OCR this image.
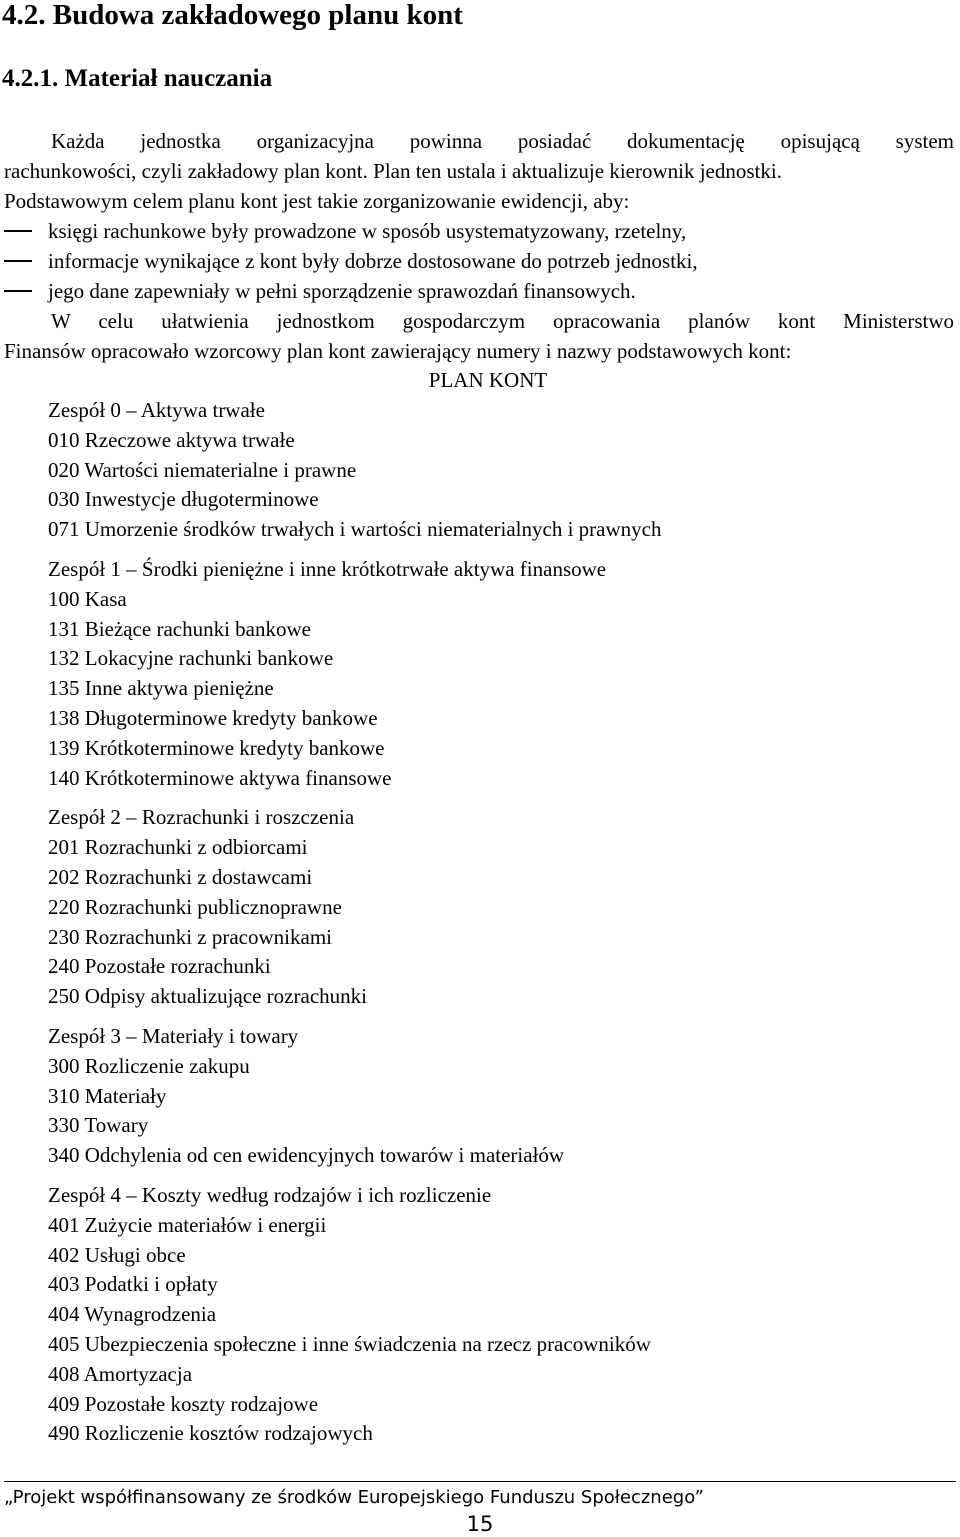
4.2. Budowa zakładowego planu kont
4.2.1. Materiał nauczania

Każda jednostka organizacyjna powinna posiadać dokumentację opisującą system

rachunkowości, czyli zakładowy plan kont. Plan ten ustala i aktualizuje kierownik jednostki.

Podstawowym celem planu kont jest takie zorganizowanie ewidencji, aby:

księgi rachunkowe były prowadzone w sposób usystematyzowany, rzetelny,
informacje wynikające z kont były dobrze dostosowane do potrzeb jednostki,
jego dane zapewniały w pełni sporządzenie sprawozdań finansowych.

W celu ułatwienia jednostkom gospodarczym opracowania planów kont Ministerstwo

Finansów opracowało wzorcowy plan kont zawierający numery i nazwy podstawowych kont:

PLAN KONT
Zespół 0 – Aktywa trwałe
010 Rzeczowe aktywa trwałe
020 Wartości niematerialne i prawne
030 Inwestycje długoterminowe
071 Umorzenie środków trwałych i wartości niematerialnych i prawnych
Zespół 1 – Środki pieniężne i inne krótkotrwałe aktywa finansowe
100 Kasa
131 Bieżące rachunki bankowe
132 Lokacyjne rachunki bankowe
135 Inne aktywa pieniężne
138 Długoterminowe kredyty bankowe
139 Krótkoterminowe kredyty bankowe
140 Krótkoterminowe aktywa finansowe
Zespół 2 – Rozrachunki i roszczenia
201 Rozrachunki z odbiorcami
202 Rozrachunki z dostawcami
220 Rozrachunki publicznoprawne
230 Rozrachunki z pracownikami
240 Pozostałe rozrachunki
250 Odpisy aktualizujące rozrachunki
Zespół 3 – Materiały i towary
300 Rozliczenie zakupu
310 Materiały
330 Towary
340 Odchylenia od cen ewidencyjnych towarów i materiałów
Zespół 4 – Koszty według rodzajów i ich rozliczenie
401 Zużycie materiałów i energii
402 Usługi obce
403 Podatki i opłaty
404 Wynagrodzenia
405 Ubezpieczenia społeczne i inne świadczenia na rzecz pracowników
408 Amortyzacja
409 Pozostałe koszty rodzajowe
490 Rozliczenie kosztów rodzajowych
„Projekt współfinansowany ze środków Europejskiego Funduszu Społecznego”
15
